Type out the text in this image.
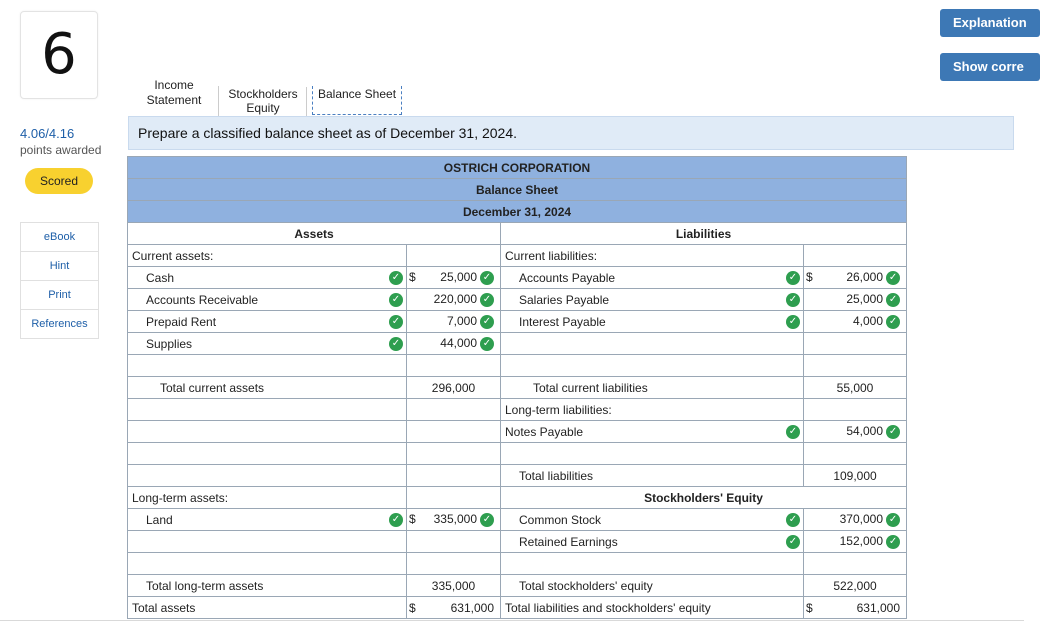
6
4.06/4.16
points awarded
Scored
eBook
Hint
Print
References
Explanation
Show corre
Income
Statement	Stockholders
Equity
Balance Sheet
Prepare a classified balance sheet as of December 31, 2024.
OSTRICH CORPORATION			
Balance Sheet			
December 31, 2024			
Assets		Liabilities	
Current assets:		Current liabilities:	
Cash ✓	$ 25,000 ✓	Accounts Payable ✓	$ 26,000 ✓
Accounts Receivable ✓	220,000 ✓	Salaries Payable ✓	25,000 ✓
Prepaid Rent ✓	7,000 ✓	Interest Payable ✓	4,000 ✓
Supplies ✓	44,000 ✓		

Total current assets	296,000	Total current liabilities	55,000
		Long-term liabilities:	
		Notes Payable ✓	54,000 ✓

		Total liabilities	109,000
Long-term assets:		Stockholders' Equity	
Land ✓	$ 335,000 ✓	Common Stock ✓	370,000 ✓
		Retained Earnings ✓	152,000 ✓

Total long-term assets	335,000	Total stockholders' equity	522,000
Total assets	$ 631,000	Total liabilities and stockholders' equity	$ 631,000
